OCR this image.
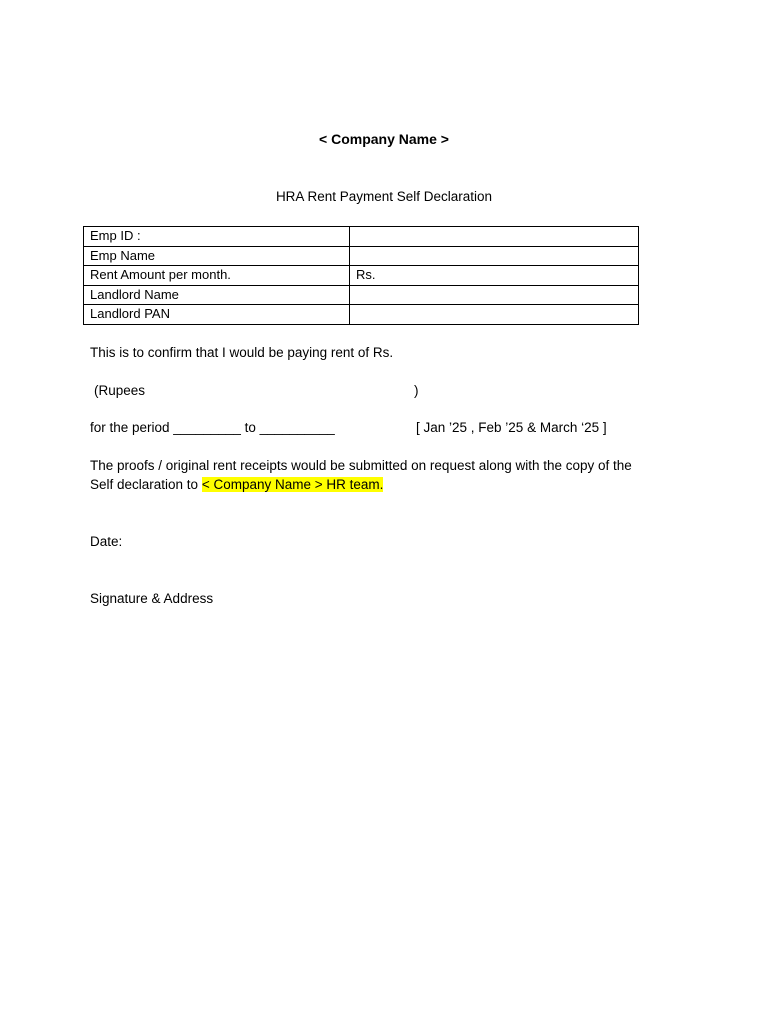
< Company Name >
HRA Rent Payment Self Declaration
Emp ID :	
Emp Name	
Rent Amount per month.	Rs.
Landlord Name	
Landlord PAN	
This is to confirm that I would be paying rent of Rs.
(Rupees	)
for the period _________ to __________	[ Jan ’25 , Feb ’25 & March ‘25 ]
The proofs / original rent receipts would be submitted on request along with the copy of the
Self declaration to < Company Name > HR team.
Date:
Signature & Address
